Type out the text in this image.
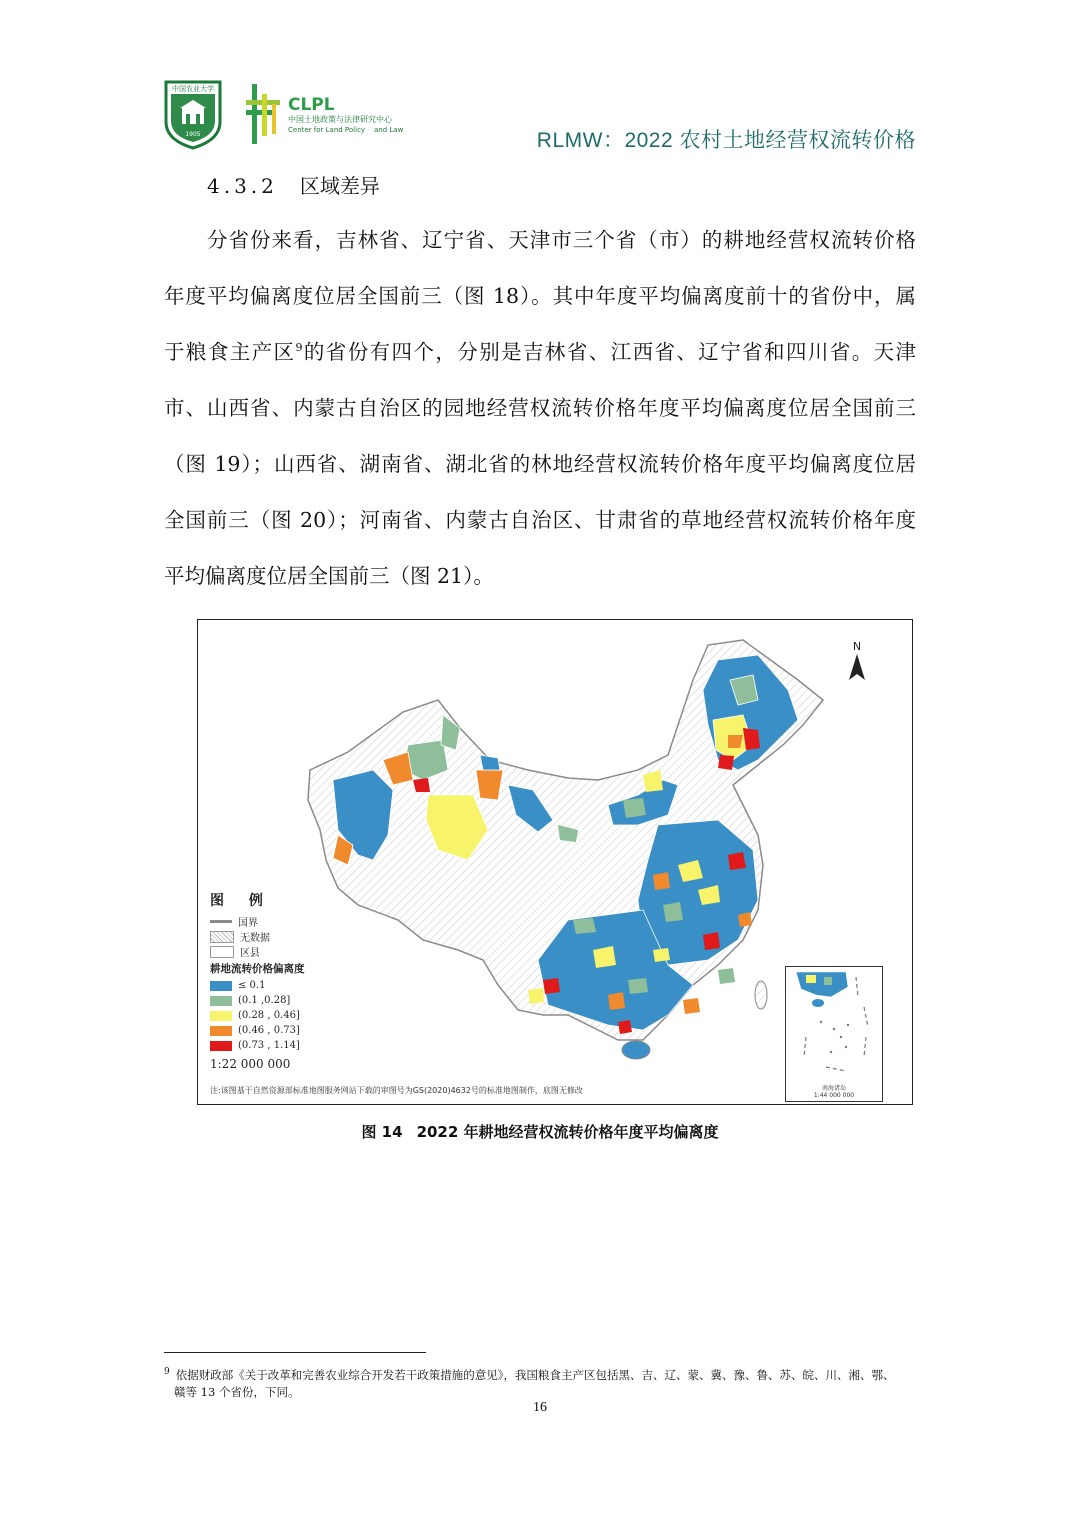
中国农业大学
1905
CLPL
中国土地政策与法律研究中心
Center for Land Policy and Law	RLMW：2022 农村土地经营权流转价格
4.3.2 区域差异
分省份来看，吉林省、辽宁省、天津市三个省（市）的耕地经营权流转价格
年度平均偏离度位居全国前三（图 18）。其中年度平均偏离度前十的省份中，属
于粮食主产区$^9$的省份有四个，分别是吉林省、江西省、辽宁省和四川省。天津
市、山西省、内蒙古自治区的园地经营权流转价格年度平均偏离度位居全国前三
（图 19）；山西省、湖南省、湖北省的林地经营权流转价格年度平均偏离度位居
全国前三（图 20）；河南省、内蒙古自治区、甘肃省的草地经营权流转价格年度
平均偏离度位居全国前三（图 21）。
N
图 例
国界
无数据
区县
耕地流转价格偏离度
≤ 0.1
(0.1 ,0.28]
(0.28 , 0.46]
(0.46 , 0.73]
(0.73 , 1.14]
1:22 000 000
注:该图基于自然资源部标准地图服务网站下载的审图号为GS(2020)4632号的标准地图制作，底图无修改	南海诸岛
1:44 000 000
图 14 2022 年耕地经营权流转价格年度平均偏离度
$^9$ 依据财政部《关于改革和完善农业综合开发若干政策措施的意见》，我国粮食主产区包括黑、吉、辽、蒙、冀、豫、鲁、苏、皖、川、湘、鄂、
赣等 13 个省份，下同。
16
